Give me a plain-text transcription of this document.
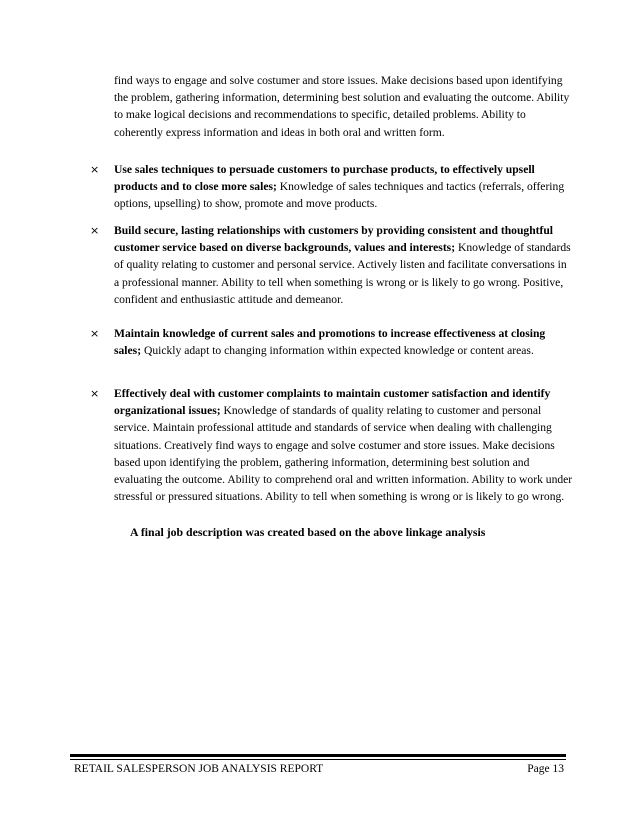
find ways to engage and solve costumer and store issues. Make decisions based upon identifying the problem, gathering information, determining best solution and evaluating the outcome. Ability to make logical decisions and recommendations to specific, detailed problems. Ability to coherently express information and ideas in both oral and written form.

×	Use sales techniques to persuade customers to purchase products, to effectively upsell products and to close more sales; Knowledge of sales techniques and tactics (referrals, offering options, upselling) to show, promote and move products.
×	Build secure, lasting relationships with customers by providing consistent and thoughtful customer service based on diverse backgrounds, values and interests; Knowledge of standards of quality relating to customer and personal service. Actively listen and facilitate conversations in a professional manner. Ability to tell when something is wrong or is likely to go wrong. Positive, confident and enthusiastic attitude and demeanor.
×	Maintain knowledge of current sales and promotions to increase effectiveness at closing sales; Quickly adapt to changing information within expected knowledge or content areas.
×	Effectively deal with customer complaints to maintain customer satisfaction and identify organizational issues; Knowledge of standards of quality relating to customer and personal service. Maintain professional attitude and standards of service when dealing with challenging situations. Creatively find ways to engage and solve costumer and store issues. Make decisions based upon identifying the problem, gathering information, determining best solution and evaluating the outcome. Ability to comprehend oral and written information. Ability to work under stressful or pressured situations. Ability to tell when something is wrong or is likely to go wrong.
A final job description was created based on the above linkage analysis
RETAIL SALESPERSON JOB ANALYSIS REPORT	Page 13
